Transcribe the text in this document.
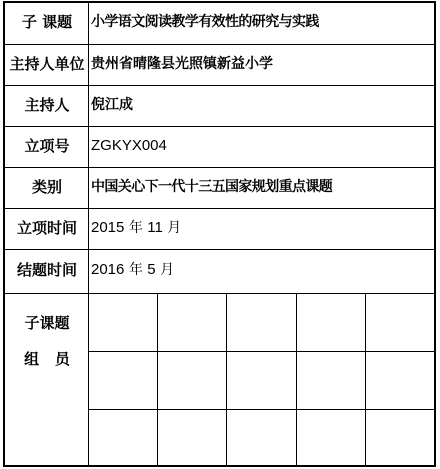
子 课题
主持人单位
主持人
立项号
类别
立项时间
结题时间
小学语文阅读教学有效性的研究与实践
贵州省晴隆县光照镇新益小学
倪江成
ZGKYX004
中国关心下一代十三五国家规划重点课题
2015 年 11 月
2016 年 5 月
子课题
组   员
